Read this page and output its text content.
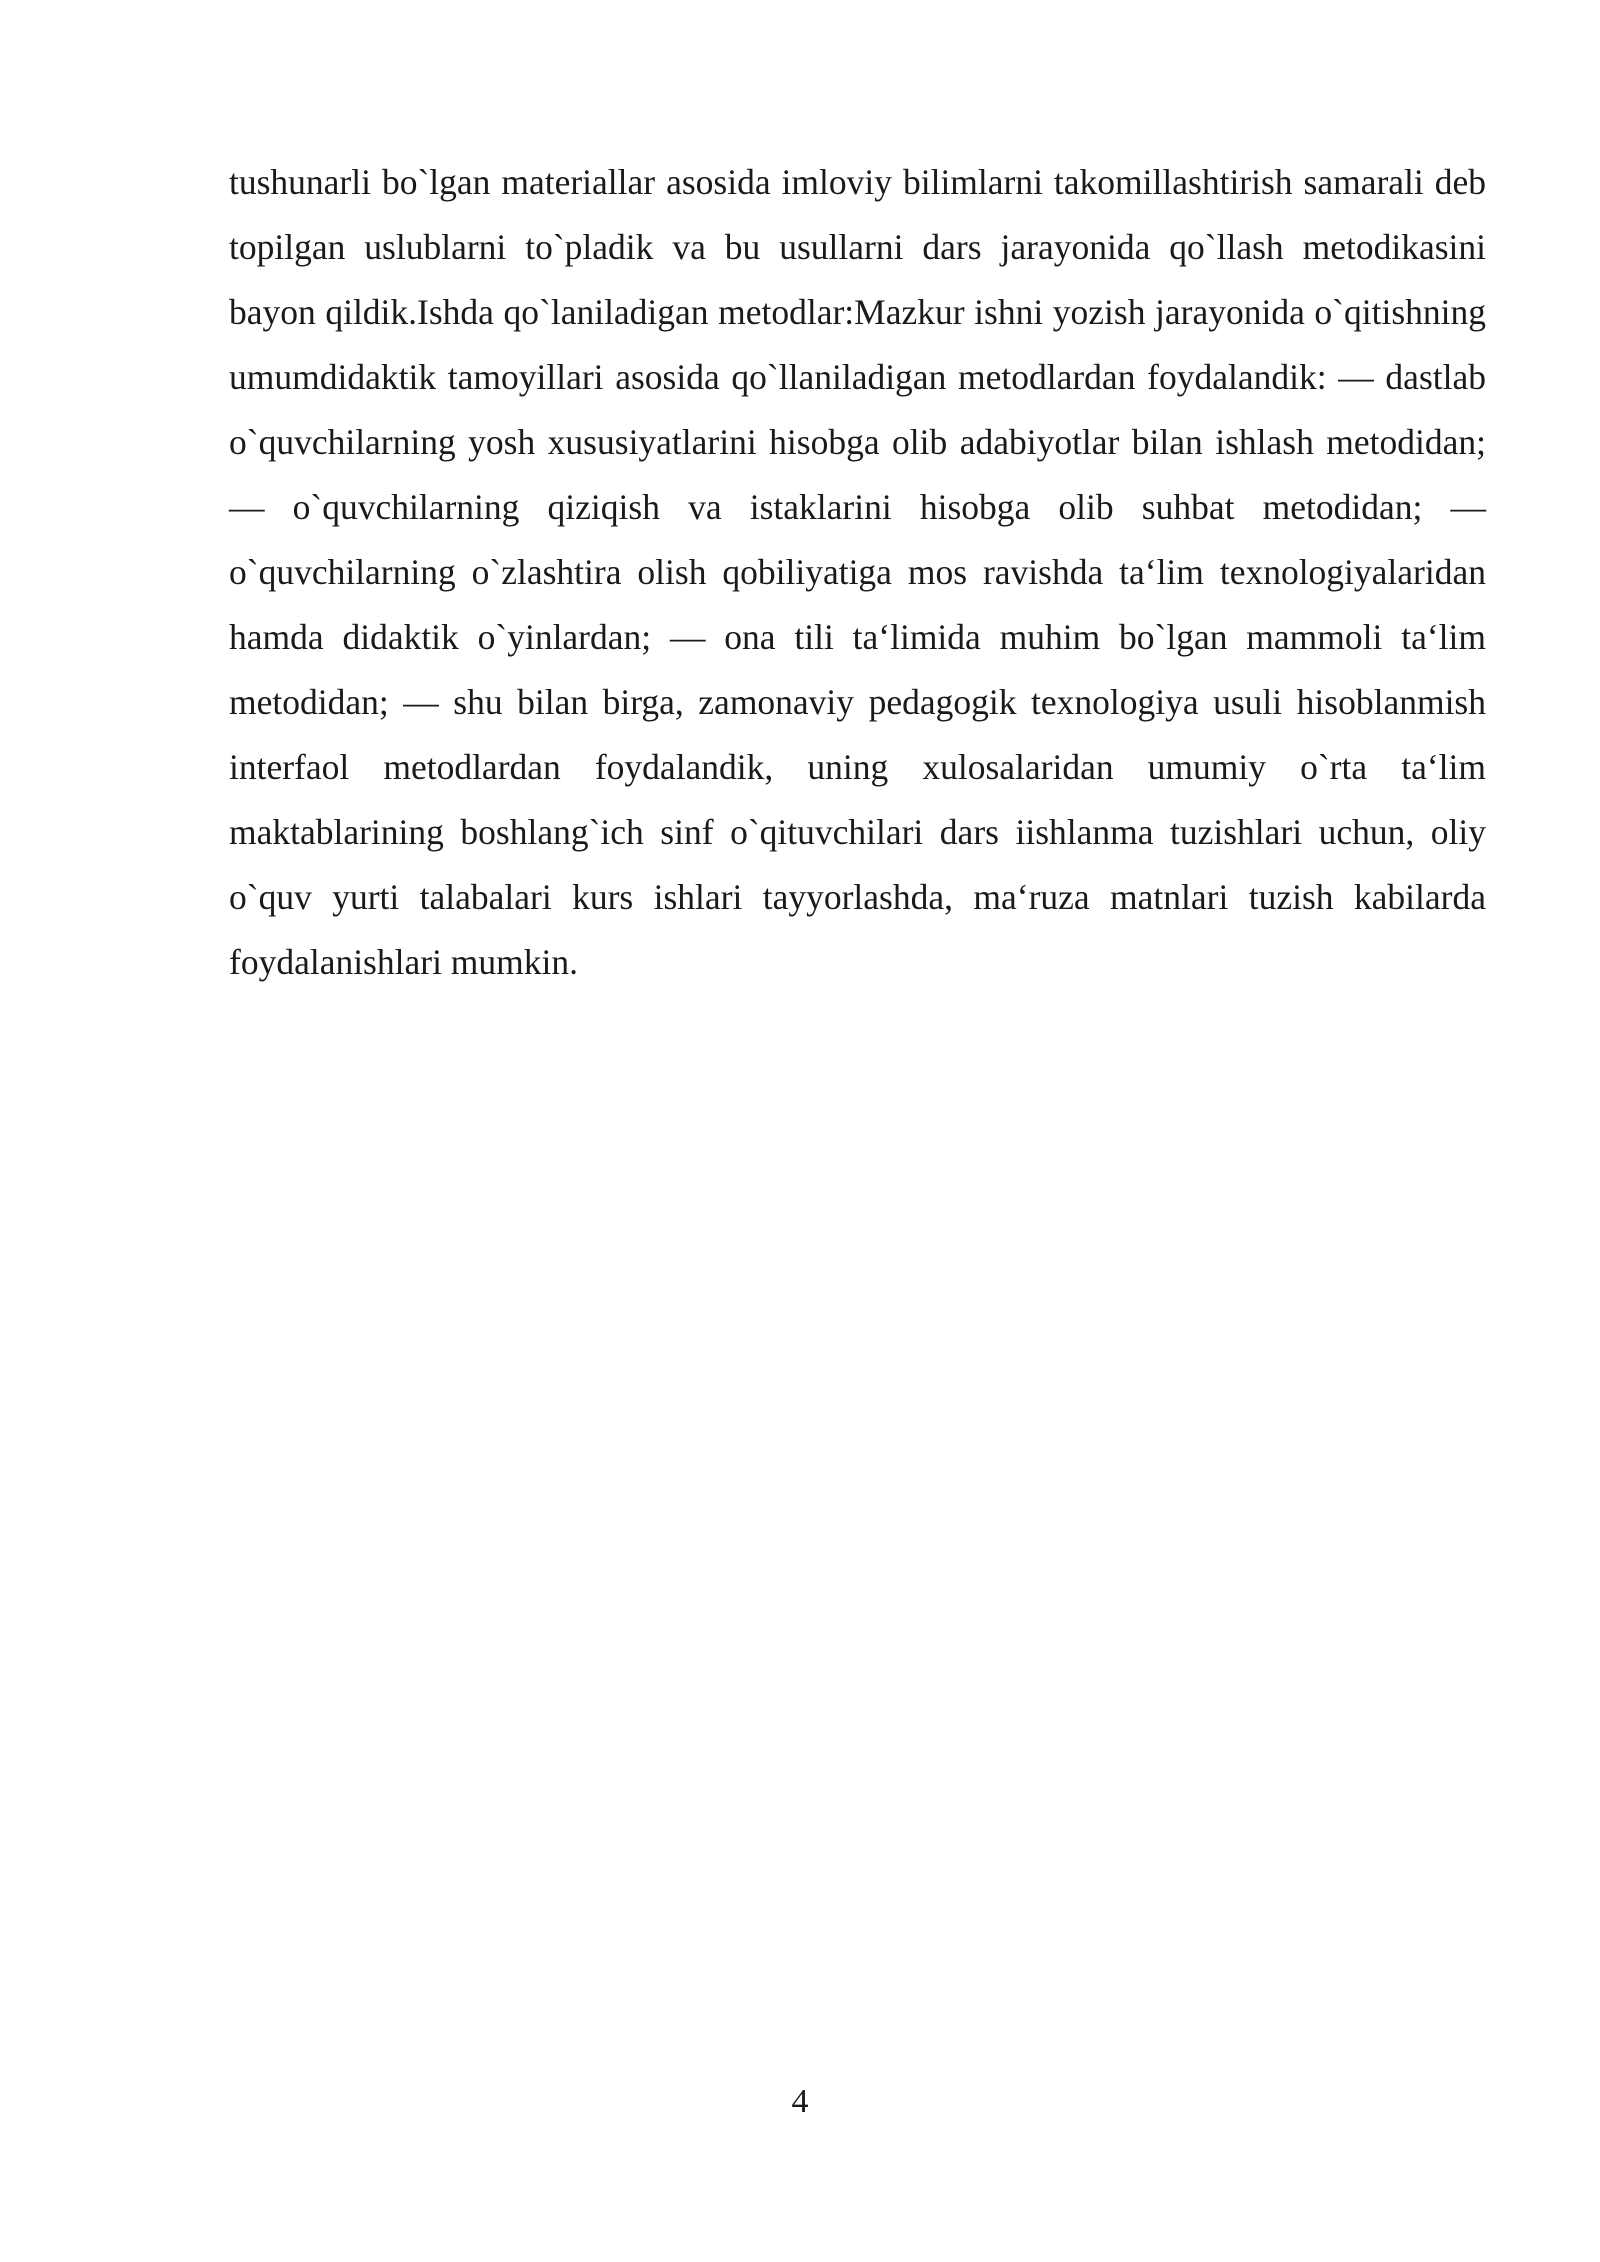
tushunarli bo`lgan materiallar asosida imloviy bilimlarni takomillashtirish samarali deb topilgan uslublarni to`pladik va bu usullarni dars jarayonida qo`llash metodikasini bayon qildik.Ishda qo`laniladigan metodlar:Mazkur ishni yozish jarayonida o`qitishning umumdidaktik tamoyillari asosida qo`llaniladigan metodlardan foydalandik: — dastlab o`quvchilarning yosh xususiyatlarini hisobga olib adabiyotlar bilan ishlash metodidan; — o`quvchilarning qiziqish va istaklarini hisobga olib suhbat metodidan; — o`quvchilarning o`zlashtira olish qobiliyatiga mos ravishda ta‘lim texnologiyalaridan hamda didaktik o`yinlardan; — ona tili ta‘limida muhim bo`lgan mammoli ta‘lim metodidan; — shu bilan birga, zamonaviy pedagogik texnologiya usuli hisoblanmish interfaol metodlardan foydalandik, uning xulosalaridan umumiy o`rta ta‘lim maktablarining boshlang`ich sinf o`qituvchilari dars iishlanma tuzishlari uchun, oliy o`quv yurti talabalari kurs ishlari tayyorlashda, ma‘ruza matnlari tuzish kabilarda foydalanishlari mumkin.

4
